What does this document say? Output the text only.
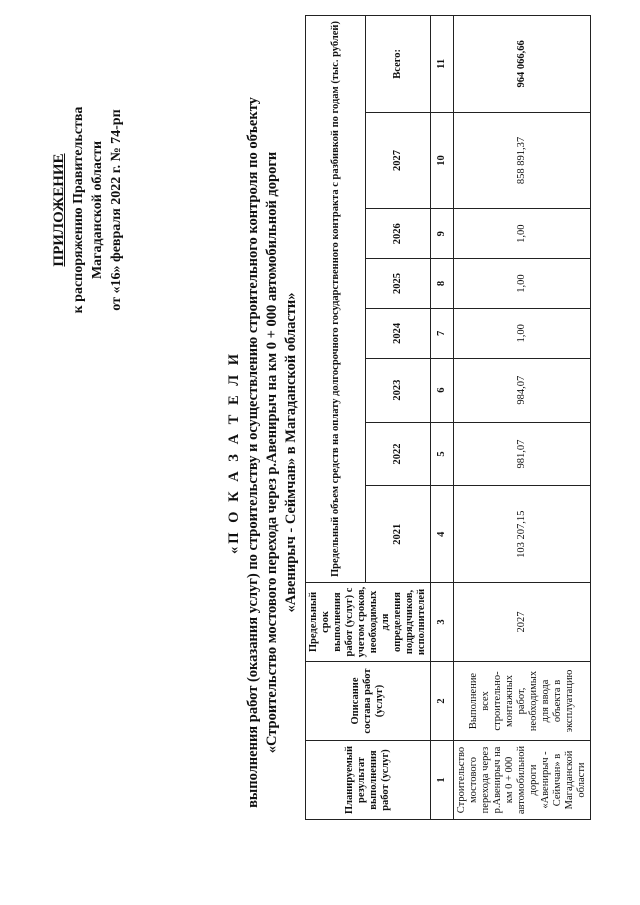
ПРИЛОЖЕНИЕ к распоряжению Правительства Магаданской области от «16» февраля 2022 г. № 74-рп
«П О К А З А Т Е Л И выполнения работ (оказания услуг) по строительству и осуществлению строительного контроля по объекту «Строительство мостового перехода через р.Авенирыч на км 0 + 000 автомобильной дороги «Авенирыч - Сеймчан» в Магаданской области»
Планируемый результат выполнения работ (услуг)	Описание состава работ (услуг)	Предельный срок выполнения работ (услуг) с учетом сроков, необходимых для определения подрядчиков, исполнителей	Предельный объем средств на оплату долгосрочного государственного контракта с разбивкой по годам (тыс. рублей)							
			2021	2022	2023	2024	2025	2026	2027	Всего:
1	2	3	4	5	6	7	8	9	10	11
Строительство мостового перехода через р.Авенирыч на км 0 + 000 автомобильной дороги «Авенирыч - Сеймчан» в Магаданской области	Выполнение всех строительно-монтажных работ, необходимых для ввода объекта в эксплуатацию	2027	103 207,15	981,07	984,07	1,00	1,00	1,00	858 891,37	964 066,66
